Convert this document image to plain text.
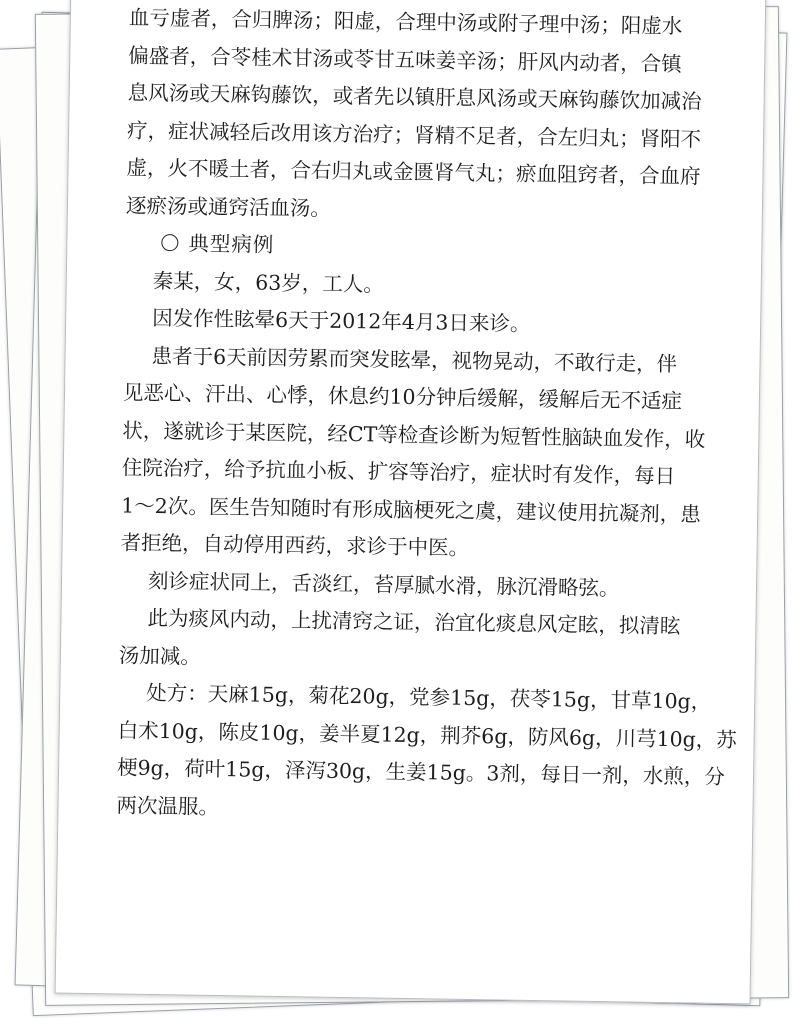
血亏虚者，合归脾汤；阳虚，合理中汤或附子理中汤；阳虚水
偏盛者，合苓桂术甘汤或苓甘五味姜辛汤；肝风内动者，合镇
息风汤或天麻钩藤饮，或者先以镇肝息风汤或天麻钩藤饮加减治
疗，症状减轻后改用该方治疗；肾精不足者，合左归丸；肾阳不
虚，火不暖土者，合右归丸或金匮肾气丸；瘀血阻窍者，合血府
逐瘀汤或通窍活血汤。
典型病例
秦某，女，63岁，工人。
因发作性眩晕6天于2012年4月3日来诊。
患者于6天前因劳累而突发眩晕，视物晃动，不敢行走，伴
见恶心、汗出、心悸，休息约10分钟后缓解，缓解后无不适症
状，遂就诊于某医院，经CT等检查诊断为短暂性脑缺血发作，收
住院治疗，给予抗血小板、扩容等治疗，症状时有发作，每日
1～2次。医生告知随时有形成脑梗死之虞，建议使用抗凝剂，患
者拒绝，自动停用西药，求诊于中医。
刻诊症状同上，舌淡红，苔厚腻水滑，脉沉滑略弦。
此为痰风内动，上扰清窍之证，治宜化痰息风定眩，拟清眩
汤加减。
处方：天麻15g，菊花20g，党参15g，茯苓15g，甘草10g，
白术10g，陈皮10g，姜半夏12g，荆芥6g，防风6g，川芎10g，苏
梗9g，荷叶15g，泽泻30g，生姜15g。3剂，每日一剂，水煎，分
两次温服。
